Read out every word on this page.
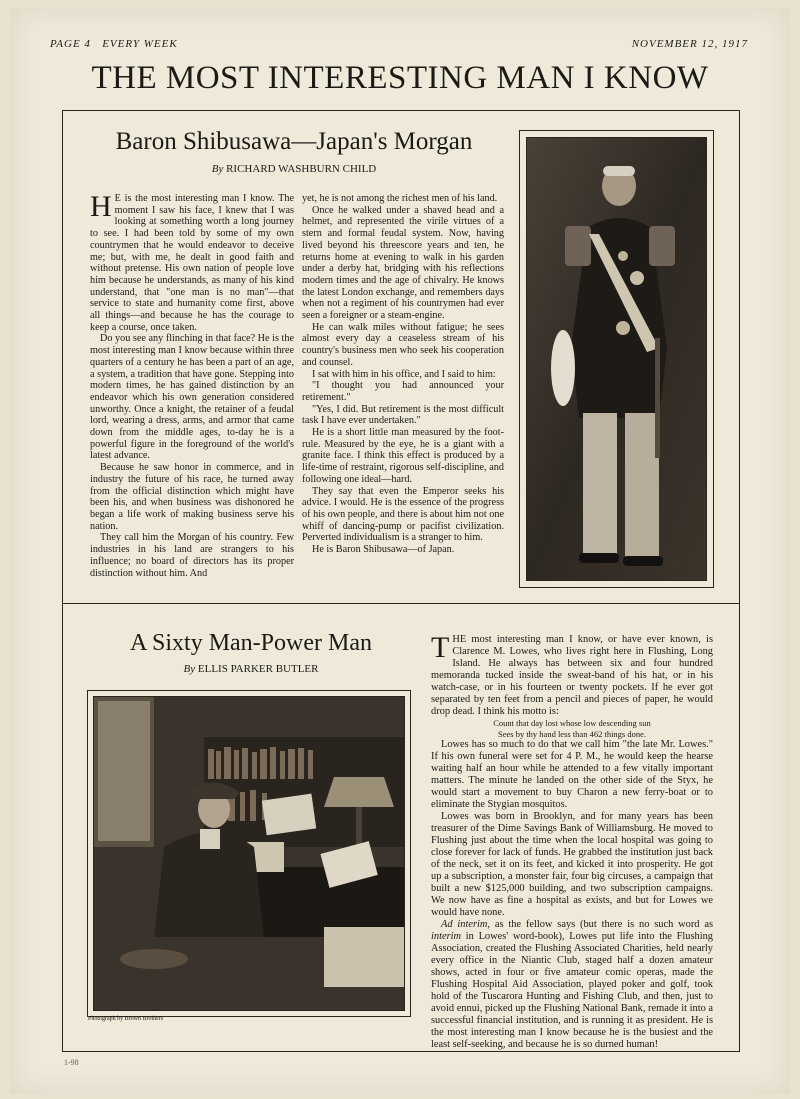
PAGE 4 EVERY WEEK	NOVEMBER 12, 1917
THE MOST INTERESTING MAN I KNOW
Baron Shibusawa—Japan's Morgan
By RICHARD WASHBURN CHILD

H E is the most interesting man I know. The moment I saw his face, I knew that I was looking at something worth a long journey to see. I had been told by some of my own countrymen that he would endeavor to deceive me; but, with me, he dealt in good faith and without pretense. His own nation of people love him because he understands, as many of his kind understand, that "one man is no man"—that service to state and humanity come first, above all things—and because he has the courage to keep a course, once taken.

Do you see any flinching in that face? He is the most interesting man I know because within three quarters of a century he has been a part of an age, a system, a tradition that have gone. Stepping into modern times, he has gained distinction by an endeavor which his own generation considered unworthy. Once a knight, the retainer of a feudal lord, wearing a dress, arms, and armor that came down from the middle ages, to-day he is a powerful figure in the foreground of the world's latest advance.

Because he saw honor in commerce, and in industry the future of his race, he turned away from the official distinction which might have been his, and when business was dishonored he began a life work of making business serve his nation.

They call him the Morgan of his country. Few industries in his land are strangers to his influence; no board of directors has its proper distinction without him. And

yet, he is not among the richest men of his land.

Once he walked under a shaved head and a helmet, and represented the virile virtues of a stern and formal feudal system. Now, having lived beyond his threescore years and ten, he returns home at evening to walk in his garden under a derby hat, bridging with his reflections modern times and the age of chivalry. He knows the latest London exchange, and remembers days when not a regiment of his countrymen had ever seen a foreigner or a steam-engine.

He can walk miles without fatigue; he sees almost every day a ceaseless stream of his country's business men who seek his cooperation and counsel.

I sat with him in his office, and I said to him:

"I thought you had announced your retirement."

"Yes, I did. But retirement is the most difficult task I have ever undertaken."

He is a short little man measured by the foot-rule. Measured by the eye, he is a giant with a granite face. I think this effect is produced by a life-time of restraint, rigorous self-discipline, and following one ideal—hard.

They say that even the Emperor seeks his advice. I would. He is the essence of the progress of his own people, and there is about him not one whiff of dancing-pump or pacifist civilization. Perverted individualism is a stranger to him.

He is Baron Shibusawa—of Japan.

A Sixty Man-Power Man
By ELLIS PARKER BUTLER
Photograph by Brown Brothers

THE most interesting man I know, or have ever known, is Clarence M. Lowes, who lives right here in Flushing, Long Island. He always has between six and four hundred memoranda tucked inside the sweat-band of his hat, or in his watch-case, or in his fourteen or twenty pockets. If he ever got separated by ten feet from a pencil and pieces of paper, he would drop dead. I think his motto is:

Count that day lost whose low descending sun
Sees by thy hand less than 462 things done.

Lowes has so much to do that we call him "the late Mr. Lowes." If his own funeral were set for 4 P. M., he would keep the hearse waiting half an hour while he attended to a few vitally important matters. The minute he landed on the other side of the Styx, he would start a movement to buy Charon a new ferry-boat or to eliminate the Stygian mosquitos.

Lowes was born in Brooklyn, and for many years has been treasurer of the Dime Savings Bank of Williamsburg. He moved to Flushing just about the time when the local hospital was going to close forever for lack of funds. He grabbed the institution just back of the neck, set it on its feet, and kicked it into prosperity. He got up a subscription, a monster fair, four big circuses, a campaign that built a new $125,000 building, and two subscription campaigns. We now have as fine a hospital as exists, and but for Lowes we would have none.

Ad interim, as the fellow says (but there is no such word as interim in Lowes' word-book), Lowes put life into the Flushing Association, created the Flushing Associated Charities, held nearly every office in the Niantic Club, staged half a dozen amateur shows, acted in four or five amateur comic operas, made the Flushing Hospital Aid Association, played poker and golf, took hold of the Tuscarora Hunting and Fishing Club, and then, just to avoid ennui, picked up the Flushing National Bank, remade it into a successful financial institution, and is running it as president. He is the most interesting man I know because he is the busiest and the least self-seeking, and because he is so durned human!

1-98
